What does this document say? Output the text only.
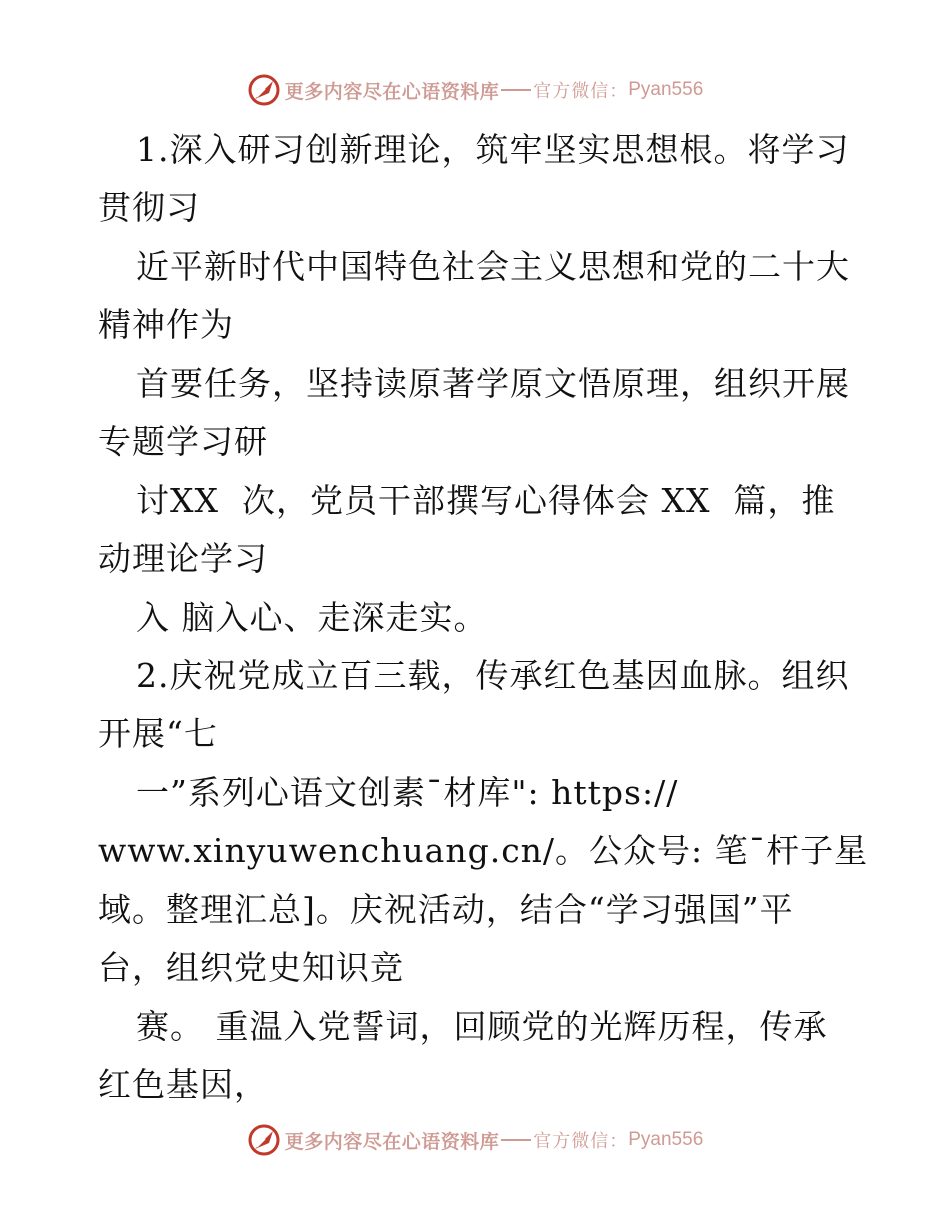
更多内容尽在心语资料库 官方微信： Pyan556
1.深入研习创新理论，筑牢坚实思想根。将学习
贯彻习
近平新时代中国特色社会主义思想和党的二十大
精神作为
首要任务，坚持读原著学原文悟原理，组织开展
专题学习研
讨XX  次，党员干部撰写心得体会 XX  篇，推
动理论学习
入 脑入心、走深走实。
2.庆祝党成立百三载，传承红色基因血脉。组织
开展“七
一”系列心语文创素¯材库": https://
www.xinyuwenchuang.cn/。公众号: 笔¯杆子星
域。整理汇总]。庆祝活动，结合“学习强国”平
台，组织党史知识竞
赛。 重温入党誓词，回顾党的光辉历程，传承
红色基因，
更多内容尽在心语资料库 官方微信： Pyan556
